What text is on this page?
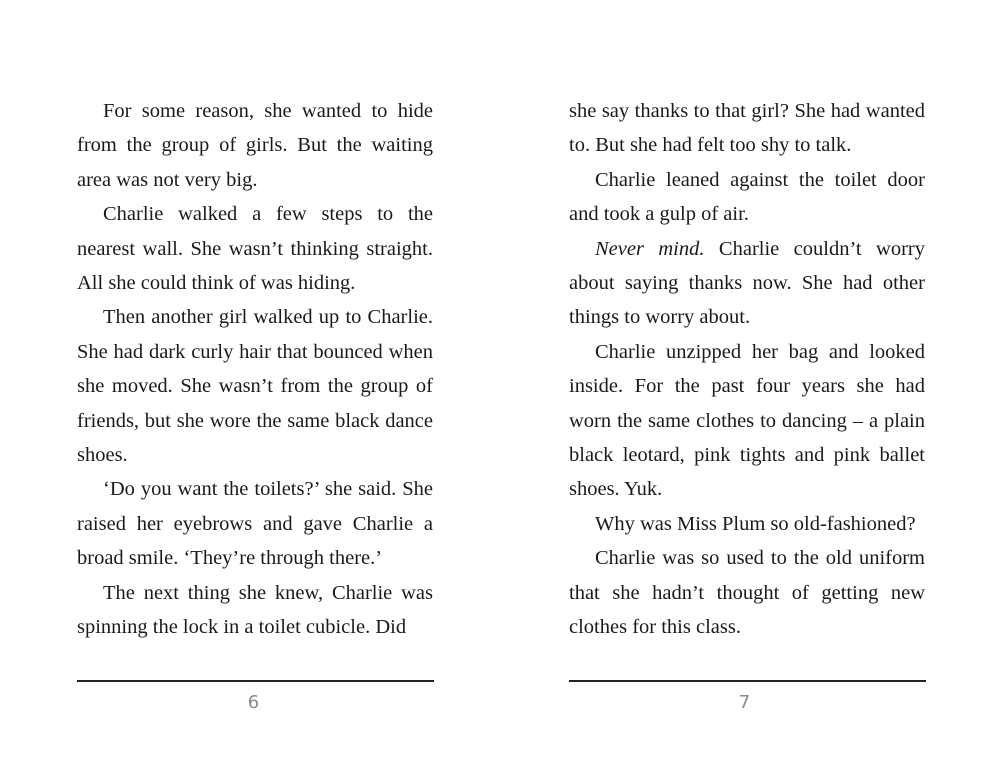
For some reason, she wanted to hide from the group of girls. But the waiting area was not very big.

Charlie walked a few steps to the nearest wall. She wasn’t thinking straight. All she could think of was hiding.

Then another girl walked up to Charlie. She had dark curly hair that bounced when she moved. She wasn’t from the group of friends, but she wore the same black dance shoes.

‘Do you want the toilets?’ she said. She raised her eyebrows and gave Charlie a broad smile. ‘They’re through there.’

The next thing she knew, Charlie was spinning the lock in a toilet cubicle. Did

6

she say thanks to that girl? She had wanted to. But she had felt too shy to talk.

Charlie leaned against the toilet door and took a gulp of air.

Never mind. Charlie couldn’t worry about saying thanks now. She had other things to worry about.

Charlie unzipped her bag and looked inside. For the past four years she had worn the same clothes to dancing – a plain black leotard, pink tights and pink ballet shoes. Yuk.

Why was Miss Plum so old-fashioned?

Charlie was so used to the old uniform that she hadn’t thought of getting new clothes for this class.

7
